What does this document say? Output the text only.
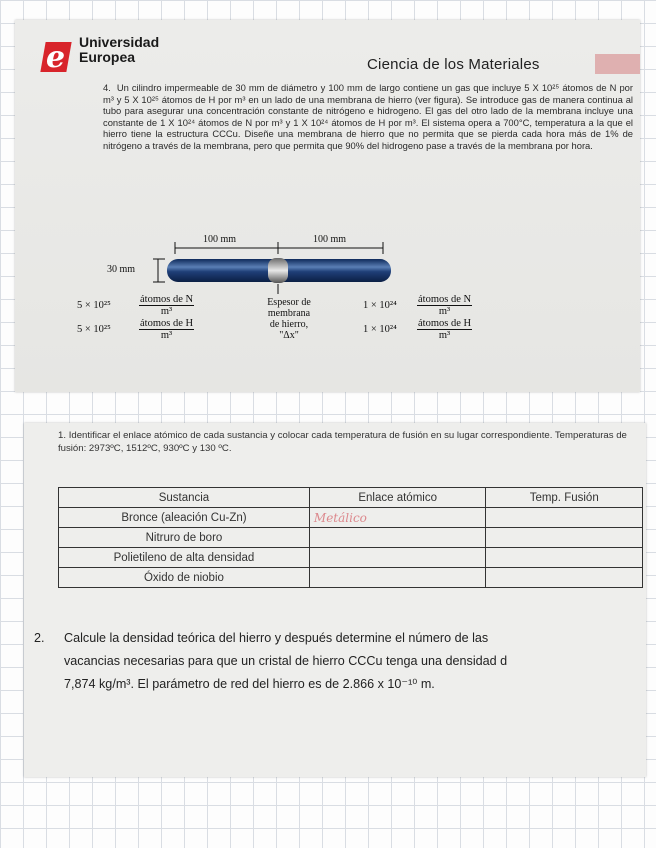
e Universidad
Europea	Ciencia de los Materiales
4. Un cilindro impermeable de 30 mm de diámetro y 100 mm de largo contiene un gas que incluye 5 X 10²⁵ átomos de N por m³ y 5 X 10²⁵ átomos de H por m³ en un lado de una membrana de hierro (ver figura). Se introduce gas de manera continua al tubo para asegurar una concentración constante de nitrógeno e hidrogeno. El gas del otro lado de la membrana incluye una constante de 1 X 10²⁴ átomos de N por m³ y 1 X 10²⁴ átomos de H por m³. El sistema opera a 700°C, temperatura a la que el hierro tiene la estructura CCCu. Diseñe una membrana de hierro que no permita que se pierda cada hora más de 1% de nitrógeno a través de la membrana, pero que permita que 90% del hidrogeno pase a través de la membrana por hora.
100 mm	100 mm
30 mm
5 × 10²⁵
átomos de N
m³
5 × 10²⁵
átomos de H
m³
Espesor de
membrana
de hierro,
"Δx"
1 × 10²⁴
átomos de N
m³
1 × 10²⁴
átomos de H
m³
1. Identificar el enlace atómico de cada sustancia y colocar cada temperatura de fusión en su lugar correspondiente. Temperaturas de fusión: 2973ºC, 1512ºC, 930ºC y 130 ºC.
Sustancia	Enlace atómico	Temp. Fusión
Bronce (aleación Cu-Zn)	Metálico	
Nitruro de boro		
Polietileno de alta densidad		
Óxido de niobio		
2. Calcule la densidad teórica del hierro y después determine el número de las
vacancias necesarias para que un cristal de hierro CCCu tenga una densidad d
7,874 kg/m³. El parámetro de red del hierro es de 2.866 x 10⁻¹⁰ m.
